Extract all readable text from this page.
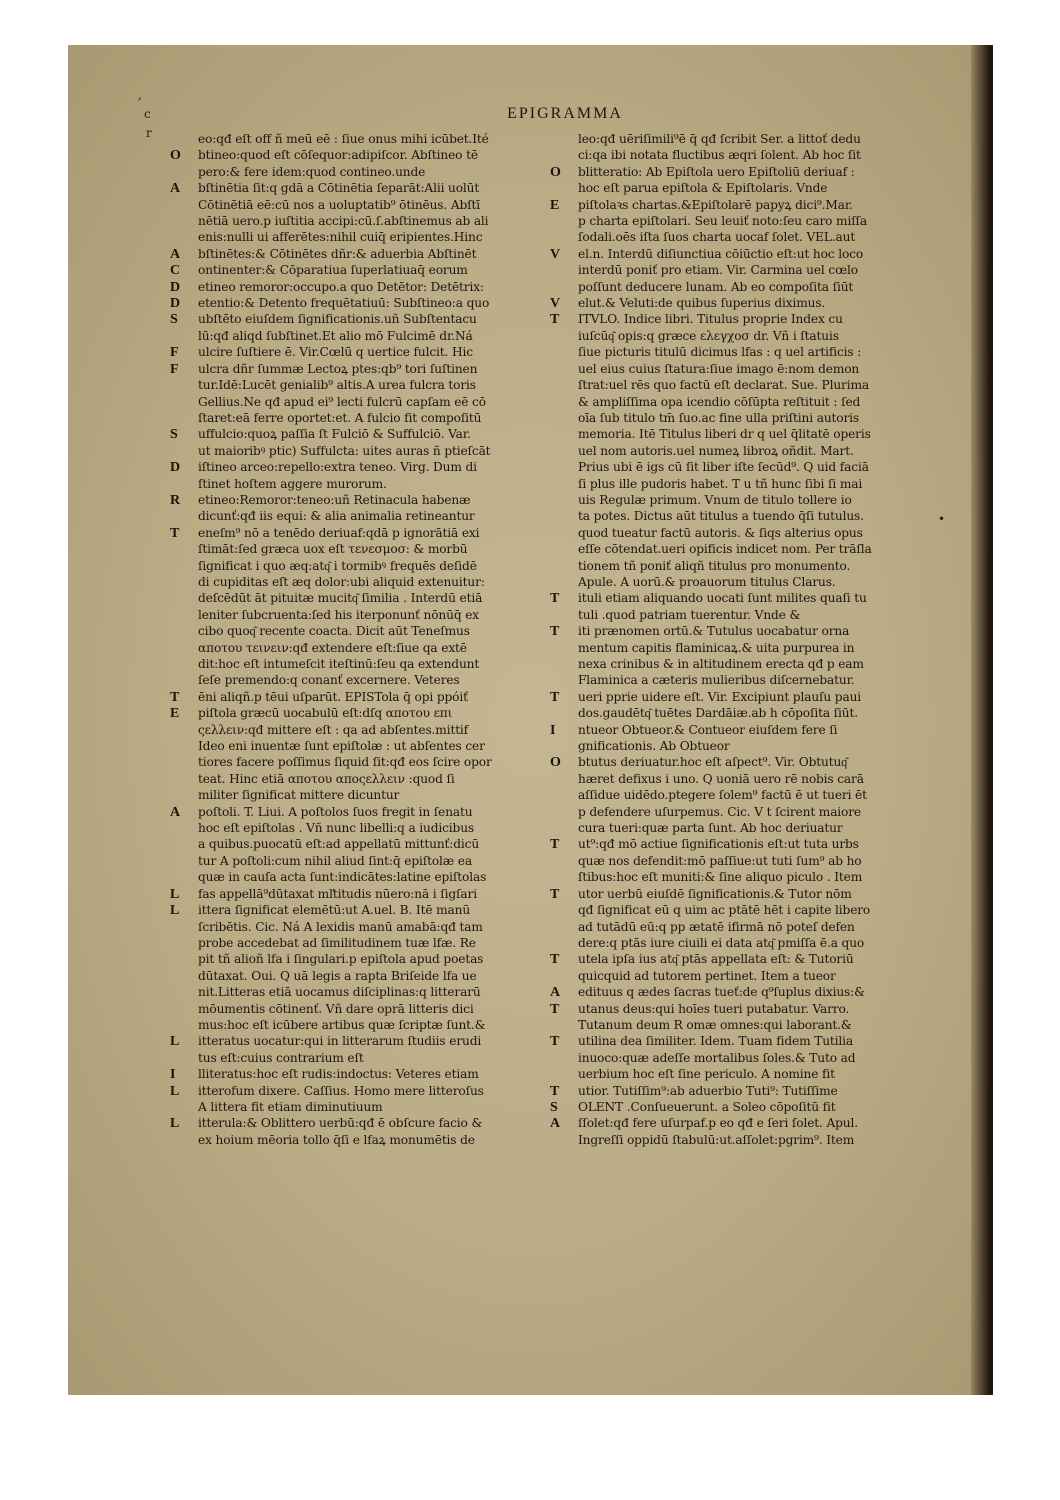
EPIGRAMMA
,
c
r
•
eo:qđ eſt off ñ meū eē : ſiue onus mihi icūbet.Ité
O	btineo:quod eſt cōſequor:adipiſcor. Abſtineo tē
pero:& fere idem:quod contineo.unde
A	bſtinētia ſit:q gdā a Cōtinētia ſeparāt:Alii uolūt
Cōtinētiā eē:cū nos a uoluptatib⁹ ōtinēus. Abſtī
nētiā uero.p iuſtitia accipi:cū.ſ.abſtinemus ab ali
enis:nulli ui afferētes:nihil cuiq̄ eripientes.Hinc
A	bſtinētes:& Cōtinētes dñr:& aduerbia Abſtinēt
C	ontinenter:& Cōparatiua ſuperlatiuaq̄ eorum
D	etineo remoror:occupo.a quo Detētor: Detētrix:
D	etentio:& Detento frequētatiuū: Subſtineo:a quo
S	ubſtēto eiuſdem ſignificationis.uñ Subſtentacu
lū:qđ aliqd ſubſtinet.Et alio mō Fulcimē dr.Ná
F	ulcire ſuſtiere ē. Vir.Cœlū q uertice fulcit. Hic
F	ulcra dñr ſummæ Lectoꝝ ptes:qb⁹ tori ſuſtinen
tur.Idē:Lucēt genialib⁹ altis.A urea fulcra toris
Gellius.Ne qđ apud ei⁹ lecti fulcrū capſam eē cō
ſtaret:eā ferre oportet:et. A fulcio fit compoſitū
S	uffulcio:quoꝝ paſſia ſt Fulciō & Suffulciō. Var.
ut maioribꝰ ptic) Suffulcta: uites auras ñ ptieſcāt
D	iſtineo arceo:repello:extra teneo. Virg. Dum di
ſtinet hoſtem aggere murorum.
R	etineo:Remoror:teneo:uñ Retinacula habenæ
dicunť:qđ iis equi: & alia animalia retineantur
T	eneſm⁹ nō a tenēdo deriuaf:qdā p ignorātiā exi
ſtimāt:ſed græca uox eſt τενεσμοσ: & morbū
ſignificat i quo æq:atq͂ i tormibꝰ frequēs deſidē
di cupiditas eſt æq dolor:ubi aliquid extenuitur:
deſcēdūt āt pituitæ mucitq͂ ſimilia . Interdū etiā
leniter ſubcruenta:ſed his iterponunť nōnūq̄ ex
cibo quoq͂ recente coacta. Dicit aūt Teneſmus
αποτου τεινειν:qđ extendere eſt:ſiue qa extē
dit:hoc eſt intumeſcit iteſtinū:ſeu qa extendunt
ſeſe premendo:q conanť excernere. Veteres
T	ēni aliqñ.p tēui uſparūt. EPISTola q̄ opi ppóiť
E	piſtola græcū uocabulū eſt:dſq αποτου επι
ςελλειν:qđ mittere eſt : qa ad abſentes.mittif
Ideo eni inuentæ ſunt epiſtolæ : ut abſentes cer
tiores facere poſſimus ſiquid ſit:qđ eos ſcire opor
teat. Hinc etiā αποτου αποςελλειν :quod ſi
militer ſignificat mittere dicuntur
A	poſtoli. T. Liui. A poſtolos ſuos fregit in ſenatu
hoc eſt epiſtolas . Vñ nunc libelli:q a iudicibus
a quibus.puocatū eſt:ad appellatū mittunť:dicū
tur A poſtoli:cum nihil aliud ſint:q̄ epiſtolæ ea
quæ in cauſa acta ſunt:indicātes:latine epiſtolas
L	fas appellā⁹dūtaxat mľtitudis nūero:nā i ſigſari
L	ittera ſignificat elemētū:ut A.uel. B. Itē manū
ſcribētis. Cic. Ná A lexidis manū amabā:qđ tam
probe accedebat ad ſimilitudinem tuæ lfæ. Re
pit tñ alioñ lfa i ſingulari.p epiſtola apud poetas
dūtaxat. Oui. Q uā legis a rapta Briſeide lfa ue
nit.Litteras etiā uocamus diſciplinas:q litterarū
mōumentis cōtinenť. Vñ dare oprā litteris dici
mus:hoc eſt icūbere artibus quæ ſcriptæ ſunt.&
L	itteratus uocatur:qui in litterarum ſtudiis erudi
tus eſt:cuius contrarium eſt
I	lliteratus:hoc eſt rudis:indoctus: Veteres etiam
L	itterofum dixere. Caſſius. Homo mere litteroſus
A littera fit etiam diminutiuum
L	itterula:& Oblittero uerbū:qđ ē obſcure facio &
ex hoium mēoria tollo q̄ſi e lfaꝝ monumētis de
leo:qđ uēriſimili⁹ē q̄ qđ ſcribit Ser. a littoť dedu
ci:qa ibi notata fluctibus æqri ſolent. Ab hoc ſit
O	blitteratio: Ab Epiſtola uero Epiſtoliū deriuaf :
hoc eſt parua epiſtola & Epiſtolaris. Vnde
E	piſtolaꝛs chartas.&Epiſtolarē papyꝝ dici⁹.Mar.
p charta epiſtolari. Seu leuiť noto:ſeu caro miſſa
ſodali.oēs iſta ſuos charta uocaf ſolet. VEL.aut
V	el.n. Interdū diſiunctiua cōiūctio eſt:ut hoc loco
interdū poniť pro etiam. Vir. Carmina uel cœlo
poſſunt deducere lunam. Ab eo compoſita ſiūt
V	elut.& Veluti:de quibus ſuperius diximus.
T	ITVLO. Indice libri. Titulus proprie Index cu
iuſcūq͂ opis:q græce ελεγχοσ dr. Vñ i ſtatuis
ſiue picturis titulū dicimus lfas : q uel artificis :
uel eius cuius ſtatura:ſiue imago ē:nom demon
ſtrat:uel rēs quo factū eſt declarat. Sue. Plurima
& ampliſſima opa icendio cōſūpta reſtituit : ſed
oīa ſub titulo tm̄ ſuo.ac fine ulla priſtini autoris
memoria. Itē Titulus liberi dr q uel q̄litatē operis
uel nom autoris.uel numeꝝ libroꝝ oñdit. Mart.
Prius ubi ē igs cū ſit liber iſte ſecūd⁹. Q uid faciā
ſi plus ille pudoris habet. T u tñ hunc ſibi ſi mai
uis Regulæ primum. Vnum de titulo tollere io
ta potes. Dictus aūt titulus a tuendo q̄ſi tutulus.
quod tueatur factū autoris. & ſiqs alterius opus
eſſe cōtendat.ueri opificis indicet nom. Per trāſla
tionem tñ poniť aliqñ titulus pro monumento.
Apule. A uorū.& proauorum titulus Clarus.
T	ituli etiam aliquando uocati ſunt milites quaſi tu
tuli .quod patriam tuerentur. Vnde &
T	iti prænomen ortū.& Tutulus uocabatur orna
mentum capitis flaminicaꝝ.& uita purpurea in
nexa crinibus & in altitudinem erecta qđ p eam
Flaminica a cæteris mulieribus diſcernebatur.
T	ueri pprie uidere eſt. Vir. Excipiunt plauſu paui
dos.gaudētq͂ tuētes Dardāiæ.ab h cōpoſita ſiūt.
I	ntueor Obtueor.& Contueor eiuſdem fere ſi
gnificationis. Ab Obtueor
O	btutus deriuatur.hoc eſt aſpect⁹. Vir. Obtutuq͂
hæret defixus i uno. Q uoniā uero rē nobis carā
aſſidue uidēdo.ptegere ſolem⁹ factū ē ut tueri ēt
p defendere uſurpemus. Cic. V t ſcirent maiore
cura tueri:quæ parta ſunt. Ab hoc deriuatur
T	ut⁹:qđ mō actiue ſignificationis eſt:ut tuta urbs
quæ nos defendit:mō paſſiue:ut tuti ſum⁹ ab ho
ſtibus:hoc eſt muniti:& ſine aliquo piculo . Item
T	utor uerbū eiuſdē ſignificationis.& Tutor nōm
qđ ſignificat eū q uim ac ptātē hēt i capite libero
ad tutādū eū:q pp ætatē ifirmā nō poteſ defen
dere:q ptās iure ciuili ei data atq͂ pmiſſa ē.a quo
T	utela ipſa ius atq͂ ptās appellata eſt: & Tutoriū
quicquid ad tutorem pertinet. Item a tueor
A	edituus q ædes ſacras tueť:de q⁹ſuplus dixius:&
T	utanus deus:qui hoīes tueri putabatur. Varro.
Tutanum deum R omæ omnes:qui laborant.&
T	utilina dea ſimiliter. Idem. Tuam fidem Tutilia
inuoco:quæ adeſſe mortalibus ſoles.& Tuto ad
uerbium hoc eſt ſine periculo. A nomine fit
T	utior. Tutiſſim⁹:ab aduerbio Tuti⁹: Tutiſſime
S	OLENT .Conſueuerunt. a Soleo cōpoſitū fit
A	ſſolet:qđ fere uſurpaf.p eo qđ e ſeri ſolet. Apul.
Ingreſſi oppidū ſtabulū:ut.aſſolet:pgrim⁹. Item
